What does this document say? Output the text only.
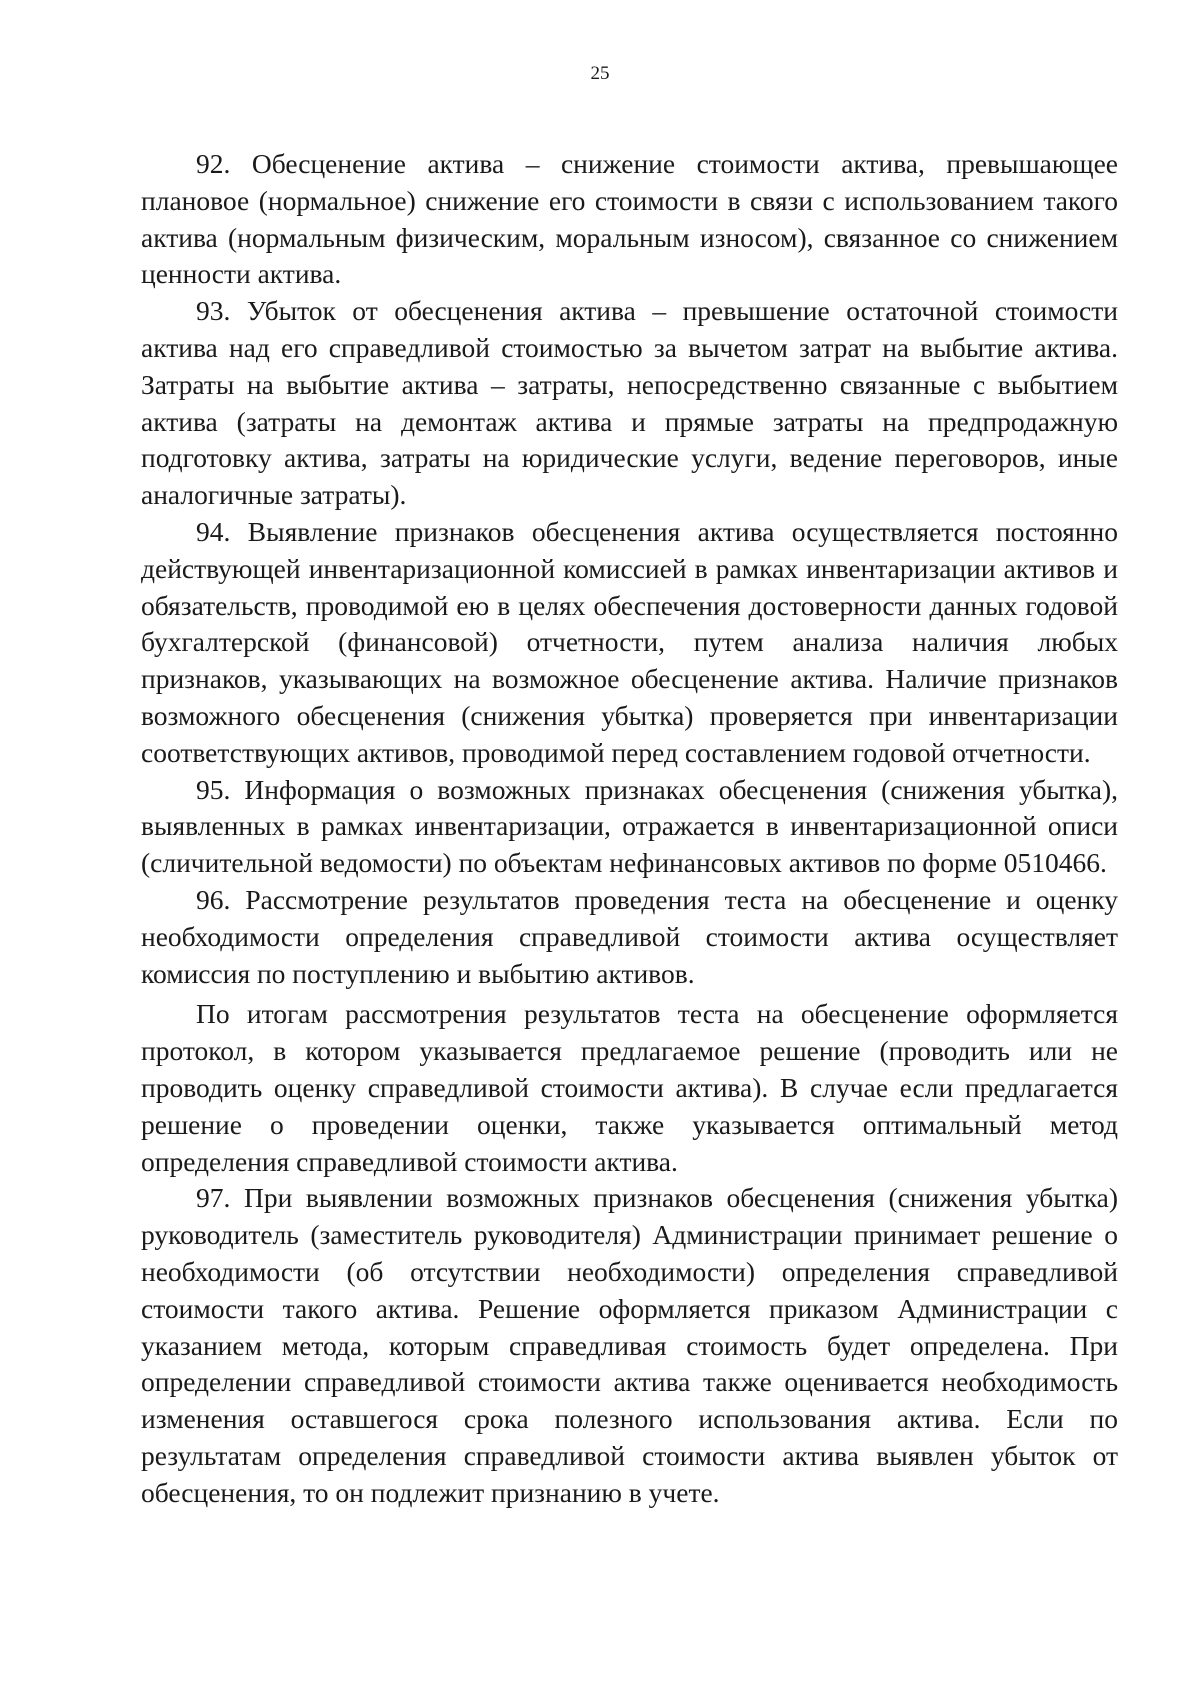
25

92. Обесценение актива – снижение стоимости актива, превышающее плановое (нормальное) снижение его стоимости в связи с использованием такого актива (нормальным физическим, моральным износом), связанное со снижением ценности актива.

93. Убыток от обесценения актива – превышение остаточной стоимости актива над его справедливой стоимостью за вычетом затрат на выбытие актива. Затраты на выбытие актива – затраты, непосредственно связанные с выбытием актива (затраты на демонтаж актива и прямые затраты на предпродажную подготовку актива, затраты на юридические услуги, ведение переговоров, иные аналогичные затраты).

94. Выявление признаков обесценения актива осуществляется постоянно действующей инвентаризационной комиссией в рамках инвентаризации активов и обязательств, проводимой ею в целях обеспечения достоверности данных годовой бухгалтерской (финансовой) отчетности, путем анализа наличия любых признаков, указывающих на возможное обесценение актива. Наличие признаков возможного обесценения (снижения убытка) проверяется при инвентаризации соответствующих активов, проводимой перед составлением годовой отчетности.

95. Информация о возможных признаках обесценения (снижения убытка), выявленных в рамках инвентаризации, отражается в инвентаризационной описи (сличительной ведомости) по объектам нефинансовых активов по форме 0510466.

96. Рассмотрение результатов проведения теста на обесценение и оценку необходимости определения справедливой стоимости актива осуществляет комиссия по поступлению и выбытию активов.

По итогам рассмотрения результатов теста на обесценение оформляется протокол, в котором указывается предлагаемое решение (проводить или не проводить оценку справедливой стоимости актива). В случае если предлагается решение о проведении оценки, также указывается оптимальный метод определения справедливой стоимости актива.

97. При выявлении возможных признаков обесценения (снижения убытка) руководитель (заместитель руководителя) Администрации принимает решение о необходимости (об отсутствии необходимости) определения справедливой стоимости такого актива. Решение оформляется приказом Администрации с указанием метода, которым справедливая стоимость будет определена. При определении справедливой стоимости актива также оценивается необходимость изменения оставшегося срока полезного использования актива. Если по результатам определения справедливой стоимости актива выявлен убыток от обесценения, то он подлежит признанию в учете.
